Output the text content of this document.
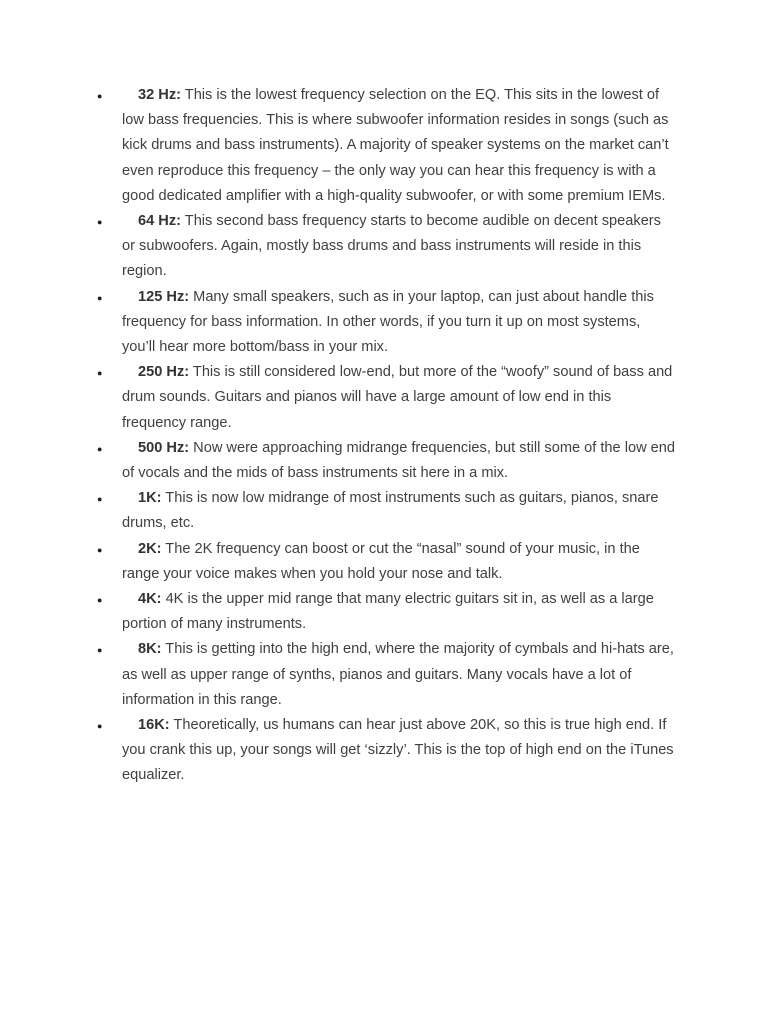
●	32 Hz: This is the lowest frequency selection on the EQ. This sits in the lowest of low bass frequencies. This is where subwoofer information resides in songs (such as kick drums and bass instruments). A majority of speaker systems on the market can’t even reproduce this frequency – the only way you can hear this frequency is with a good dedicated amplifier with a high-quality subwoofer, or with some premium IEMs.
●	64 Hz: This second bass frequency starts to become audible on decent speakers or subwoofers. Again, mostly bass drums and bass instruments will reside in this region.
●	125 Hz: Many small speakers, such as in your laptop, can just about handle this frequency for bass information. In other words, if you turn it up on most systems, you’ll hear more bottom/bass in your mix.
●	250 Hz: This is still considered low-end, but more of the “woofy” sound of bass and drum sounds. Guitars and pianos will have a large amount of low end in this frequency range.
●	500 Hz: Now were approaching midrange frequencies, but still some of the low end of vocals and the mids of bass instruments sit here in a mix.
●	1K: This is now low midrange of most instruments such as guitars, pianos, snare drums, etc.
●	2K: The 2K frequency can boost or cut the “nasal” sound of your music, in the range your voice makes when you hold your nose and talk.
●	4K: 4K is the upper mid range that many electric guitars sit in, as well as a large portion of many instruments.
●	8K: This is getting into the high end, where the majority of cymbals and hi-hats are, as well as upper range of synths, pianos and guitars. Many vocals have a lot of information in this range.
●	16K: Theoretically, us humans can hear just above 20K, so this is true high end. If you crank this up, your songs will get ‘sizzly’. This is the top of high end on the iTunes equalizer.
